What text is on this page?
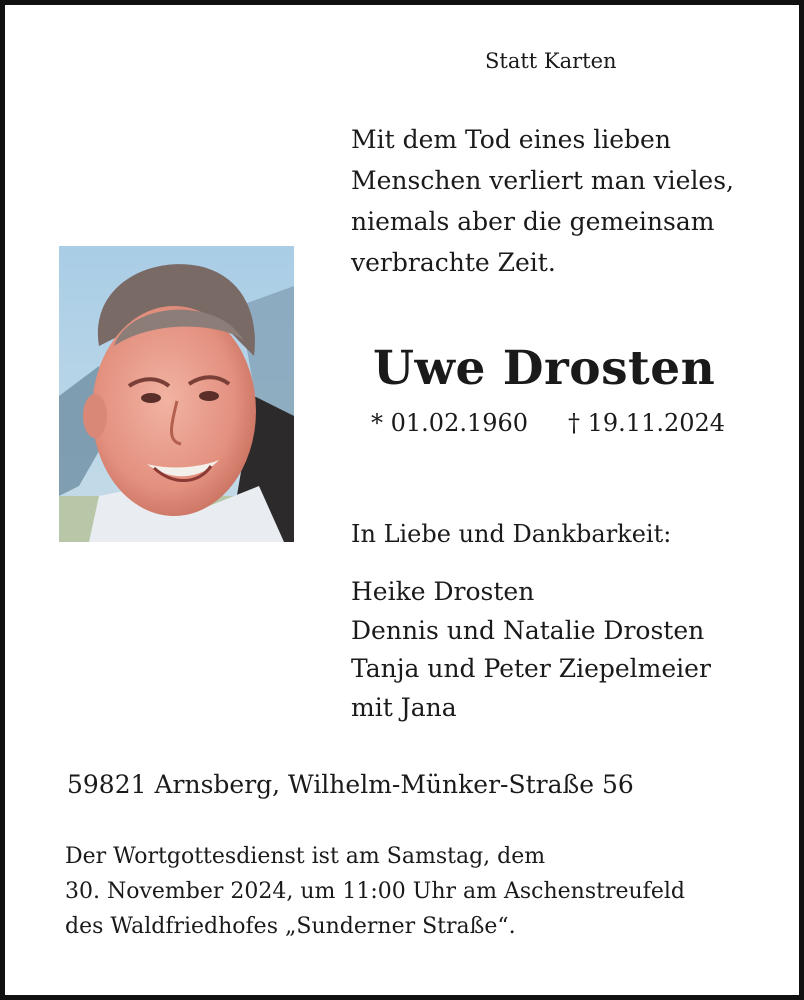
Statt Karten
Mit dem Tod eines lieben
Menschen verliert man vieles,
niemals aber die gemeinsam
verbrachte Zeit.
Uwe Drosten
* 01.02.1960 † 19.11.2024
In Liebe und Dankbarkeit:
Heike Drosten
Dennis und Natalie Drosten
Tanja und Peter Ziepelmeier
mit Jana
59821 Arnsberg, Wilhelm-Münker-Straße 56
Der Wortgottesdienst ist am Samstag, dem
30. November 2024, um 11:00 Uhr am Aschenstreufeld
des Waldfriedhofes „Sunderner Straße“.
